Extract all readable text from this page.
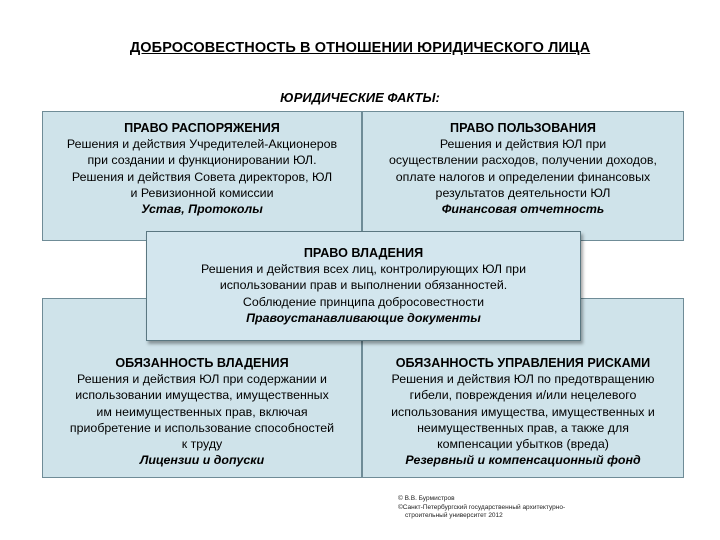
ДОБРОСОВЕСТНОСТЬ В ОТНОШЕНИИ ЮРИДИЧЕСКОГО ЛИЦА
ЮРИДИЧЕСКИЕ ФАКТЫ:
ПРАВО РАСПОРЯЖЕНИЯ
Решения и действия Учредителей-Акционеров
при создании и функционировании ЮЛ.
Решения и действия Совета директоров, ЮЛ
и Ревизионной комиссии
Устав, Протоколы
ПРАВО ПОЛЬЗОВАНИЯ
Решения и действия ЮЛ при
осуществлении расходов, получении доходов,
оплате налогов и определении финансовых
результатов деятельности ЮЛ
Финансовая отчетность
ОБЯЗАННОСТЬ ВЛАДЕНИЯ
Решения и действия ЮЛ при содержании и
использовании имущества, имущественных
им неимущественных прав, включая
приобретение и использование способностей
к труду
Лицензии и допуски
ОБЯЗАННОСТЬ УПРАВЛЕНИЯ РИСКАМИ
Решения и действия ЮЛ по предотвращению
гибели, повреждения и/или нецелевого
использования имущества, имущественных и
неимущественных прав, а также для
компенсации убытков (вреда)
Резервный и компенсационный фонд
ПРАВО ВЛАДЕНИЯ
Решения и действия всех лиц, контролирующих ЮЛ при
использовании прав и выполнении обязанностей.
Соблюдение принципа добросовестности
Правоустанавливающие документы
© В.В. Бурмистров
©Санкт-Петербургский государственный архитектурно-
строительный университет 2012
